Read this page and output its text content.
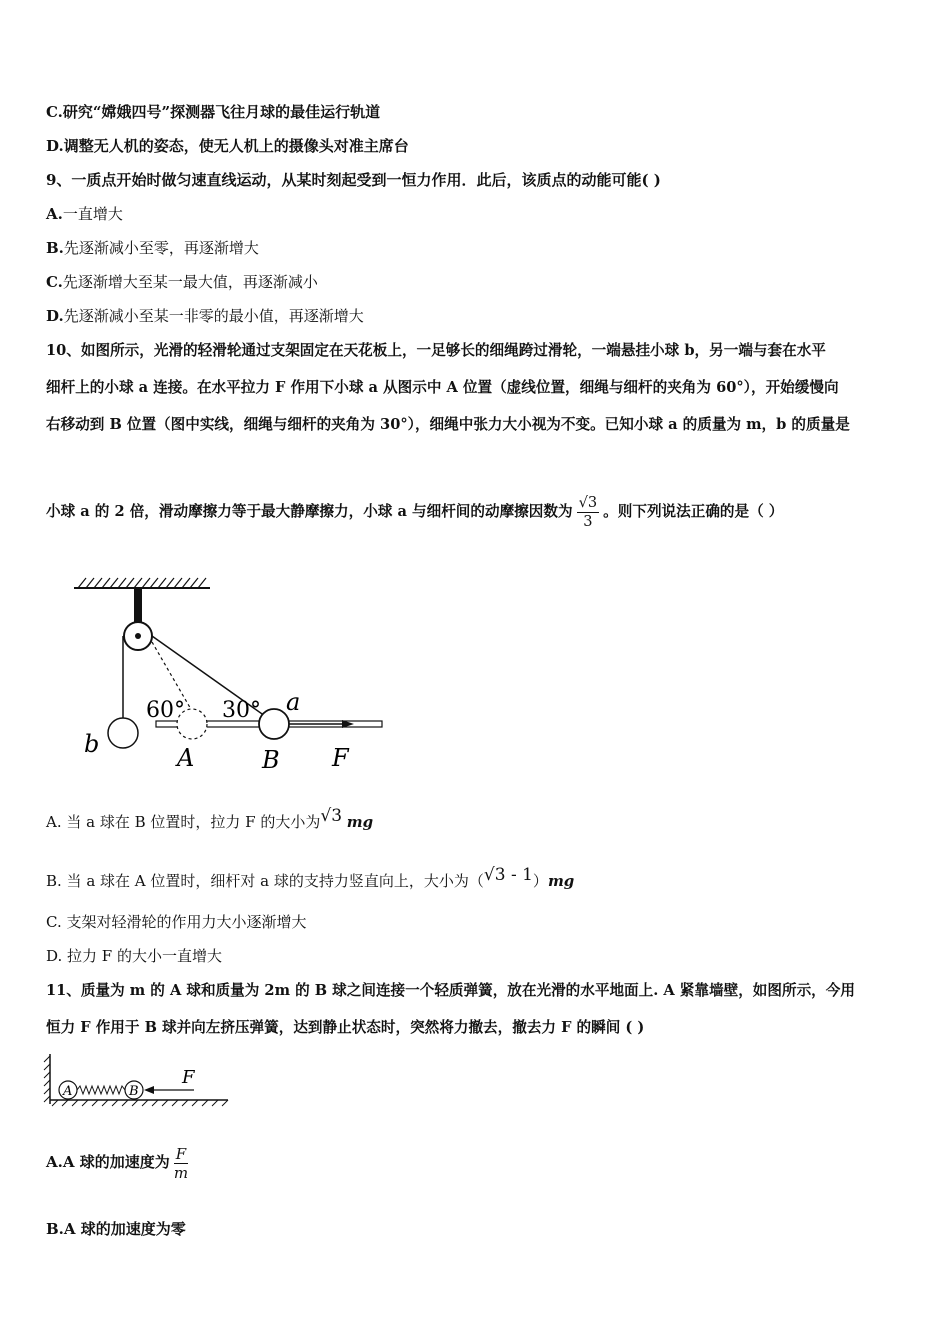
C.研究“嫦娥四号”探测器飞往月球的最佳运行轨道
D.调整无人机的姿态，使无人机上的摄像头对准主席台
9、一质点开始时做匀速直线运动，从某时刻起受到一恒力作用．此后，该质点的动能可能( )
A.一直增大
B.先逐渐减小至零，再逐渐增大
C.先逐渐增大至某一最大值，再逐渐减小
D.先逐渐减小至某一非零的最小值，再逐渐增大
10、如图所示，光滑的轻滑轮通过支架固定在天花板上，一足够长的细绳跨过滑轮，一端悬挂小球 b，另一端与套在水平
细杆上的小球 a 连接。在水平拉力 F 作用下小球 a 从图示中 A 位置（虚线位置，细绳与细杆的夹角为 60°），开始缓慢向
右移动到 B 位置（图中实线，细绳与细杆的夹角为 30°），细绳中张力大小视为不变。已知小球 a 的质量为 m，b 的质量是
小球 a 的 2 倍，滑动摩擦力等于最大静摩擦力，小球 a 与细杆间的动摩擦因数为 $\frac{√3}{3}$ 。则下列说法正确的是（ ）
60° 30° a
b	A	B F
A. 当 a 球在 B 位置时，拉力 F 的大小为√3 mg
B. 当 a 球在 A 位置时，细杆对 a 球的支持力竖直向上，大小为（√3 - 1）mg
C. 支架对轻滑轮的作用力大小逐渐增大
D. 拉力 F 的大小一直增大
11、质量为 m 的 A 球和质量为 2m 的 B 球之间连接一个轻质弹簧，放在光滑的水平地面上. A 紧靠墙壁，如图所示，今用
恒力 F 作用于 B 球并向左挤压弹簧，达到静止状态时，突然将力撤去，撤去力 F 的瞬间 ( )
A	B
F
A.A 球的加速度为 $\frac{F}{m}$
B.A 球的加速度为零
